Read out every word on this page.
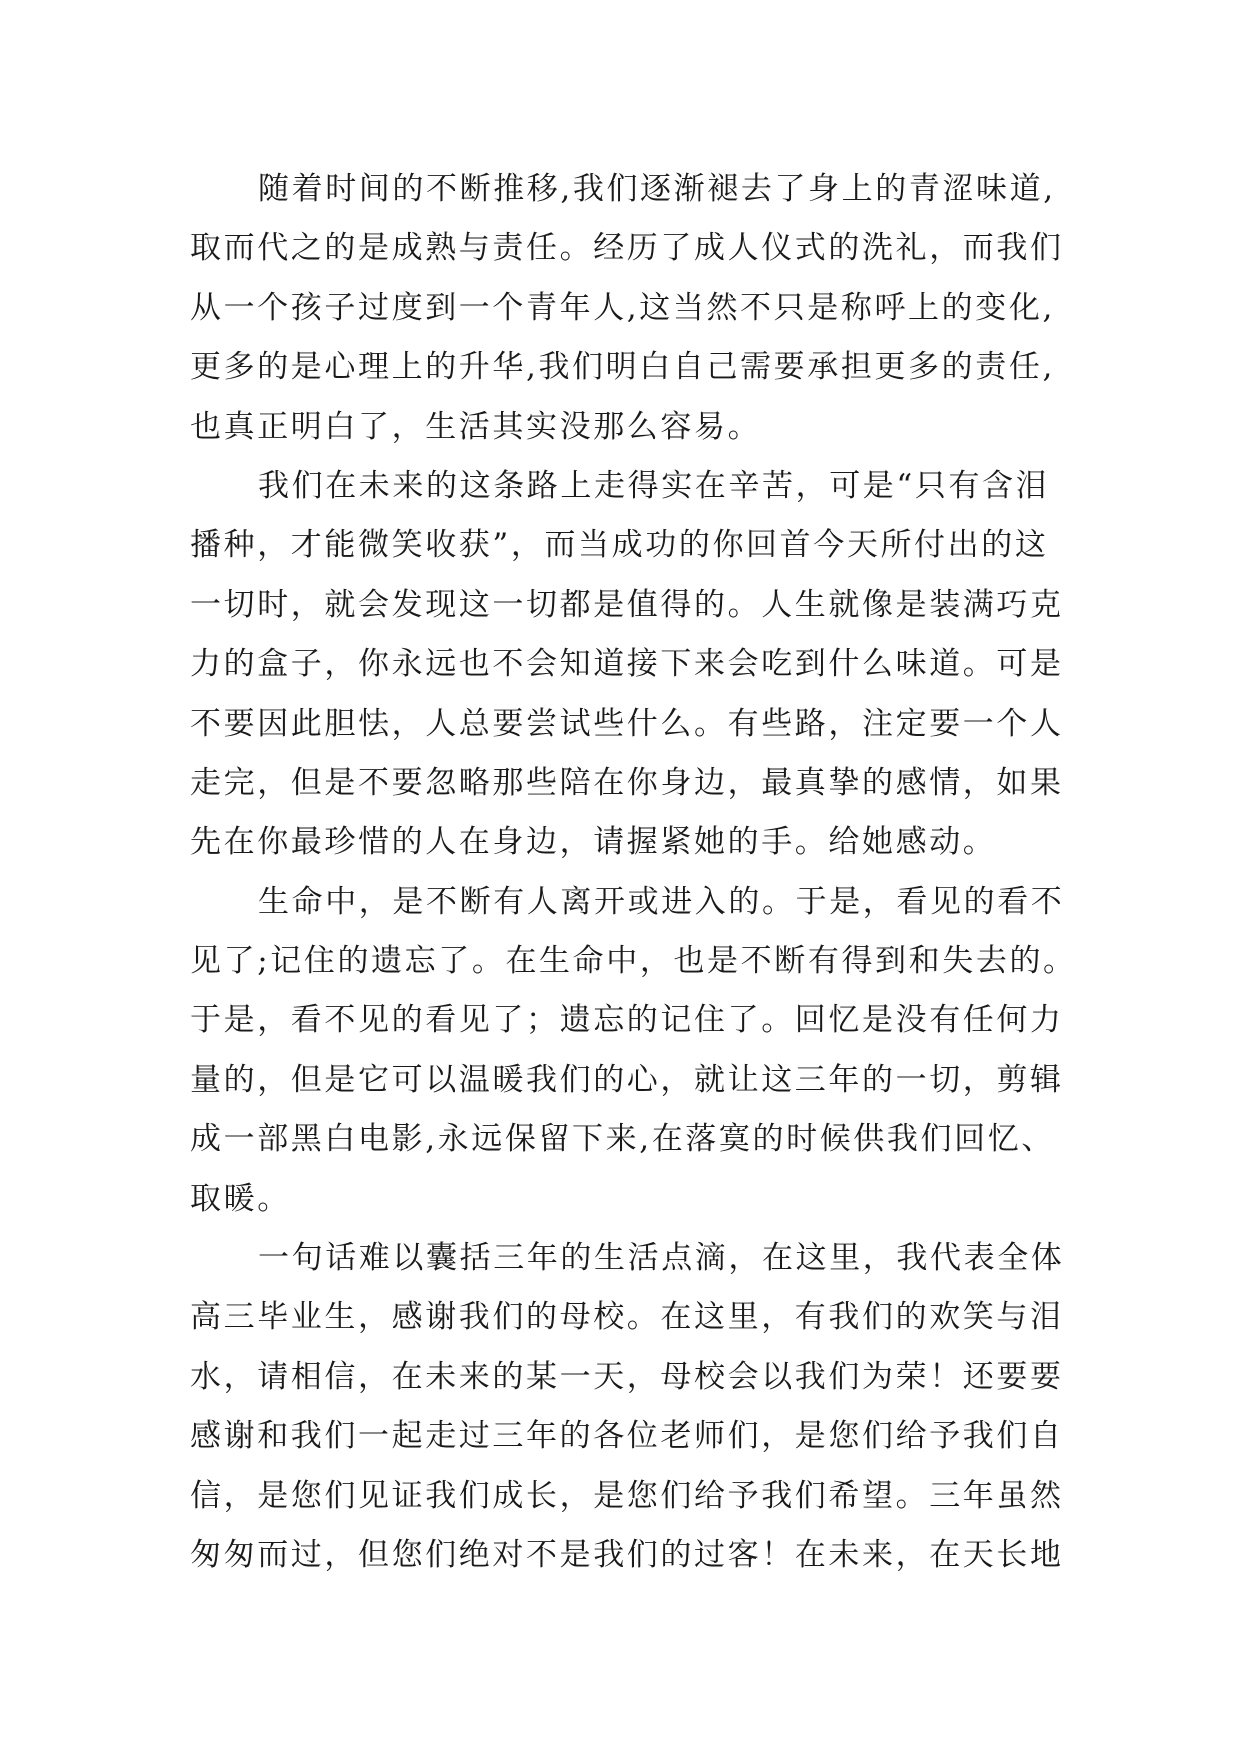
随着时间的不断推移,我们逐渐褪去了身上的青涩味道,
取而代之的是成熟与责任。经历了成人仪式的洗礼，而我们
从一个孩子过度到一个青年人,这当然不只是称呼上的变化,
更多的是心理上的升华,我们明白自己需要承担更多的责任,
也真正明白了，生活其实没那么容易。
我们在未来的这条路上走得实在辛苦，可是“只有含泪
播种，才能微笑收获”，而当成功的你回首今天所付出的这
一切时，就会发现这一切都是值得的。人生就像是装满巧克
力的盒子，你永远也不会知道接下来会吃到什么味道。可是
不要因此胆怯，人总要尝试些什么。有些路，注定要一个人
走完，但是不要忽略那些陪在你身边，最真挚的感情，如果
先在你最珍惜的人在身边，请握紧她的手。给她感动。
生命中，是不断有人离开或进入的。于是，看见的看不
见了;记住的遗忘了。在生命中，也是不断有得到和失去的。
于是，看不见的看见了；遗忘的记住了。回忆是没有任何力
量的，但是它可以温暖我们的心，就让这三年的一切，剪辑
成一部黑白电影,永远保留下来,在落寞的时候供我们回忆、
取暖。
一句话难以囊括三年的生活点滴，在这里，我代表全体
高三毕业生，感谢我们的母校。在这里，有我们的欢笑与泪
水，请相信，在未来的某一天，母校会以我们为荣！还要要
感谢和我们一起走过三年的各位老师们，是您们给予我们自
信，是您们见证我们成长，是您们给予我们希望。三年虽然
匆匆而过，但您们绝对不是我们的过客！在未来，在天长地
